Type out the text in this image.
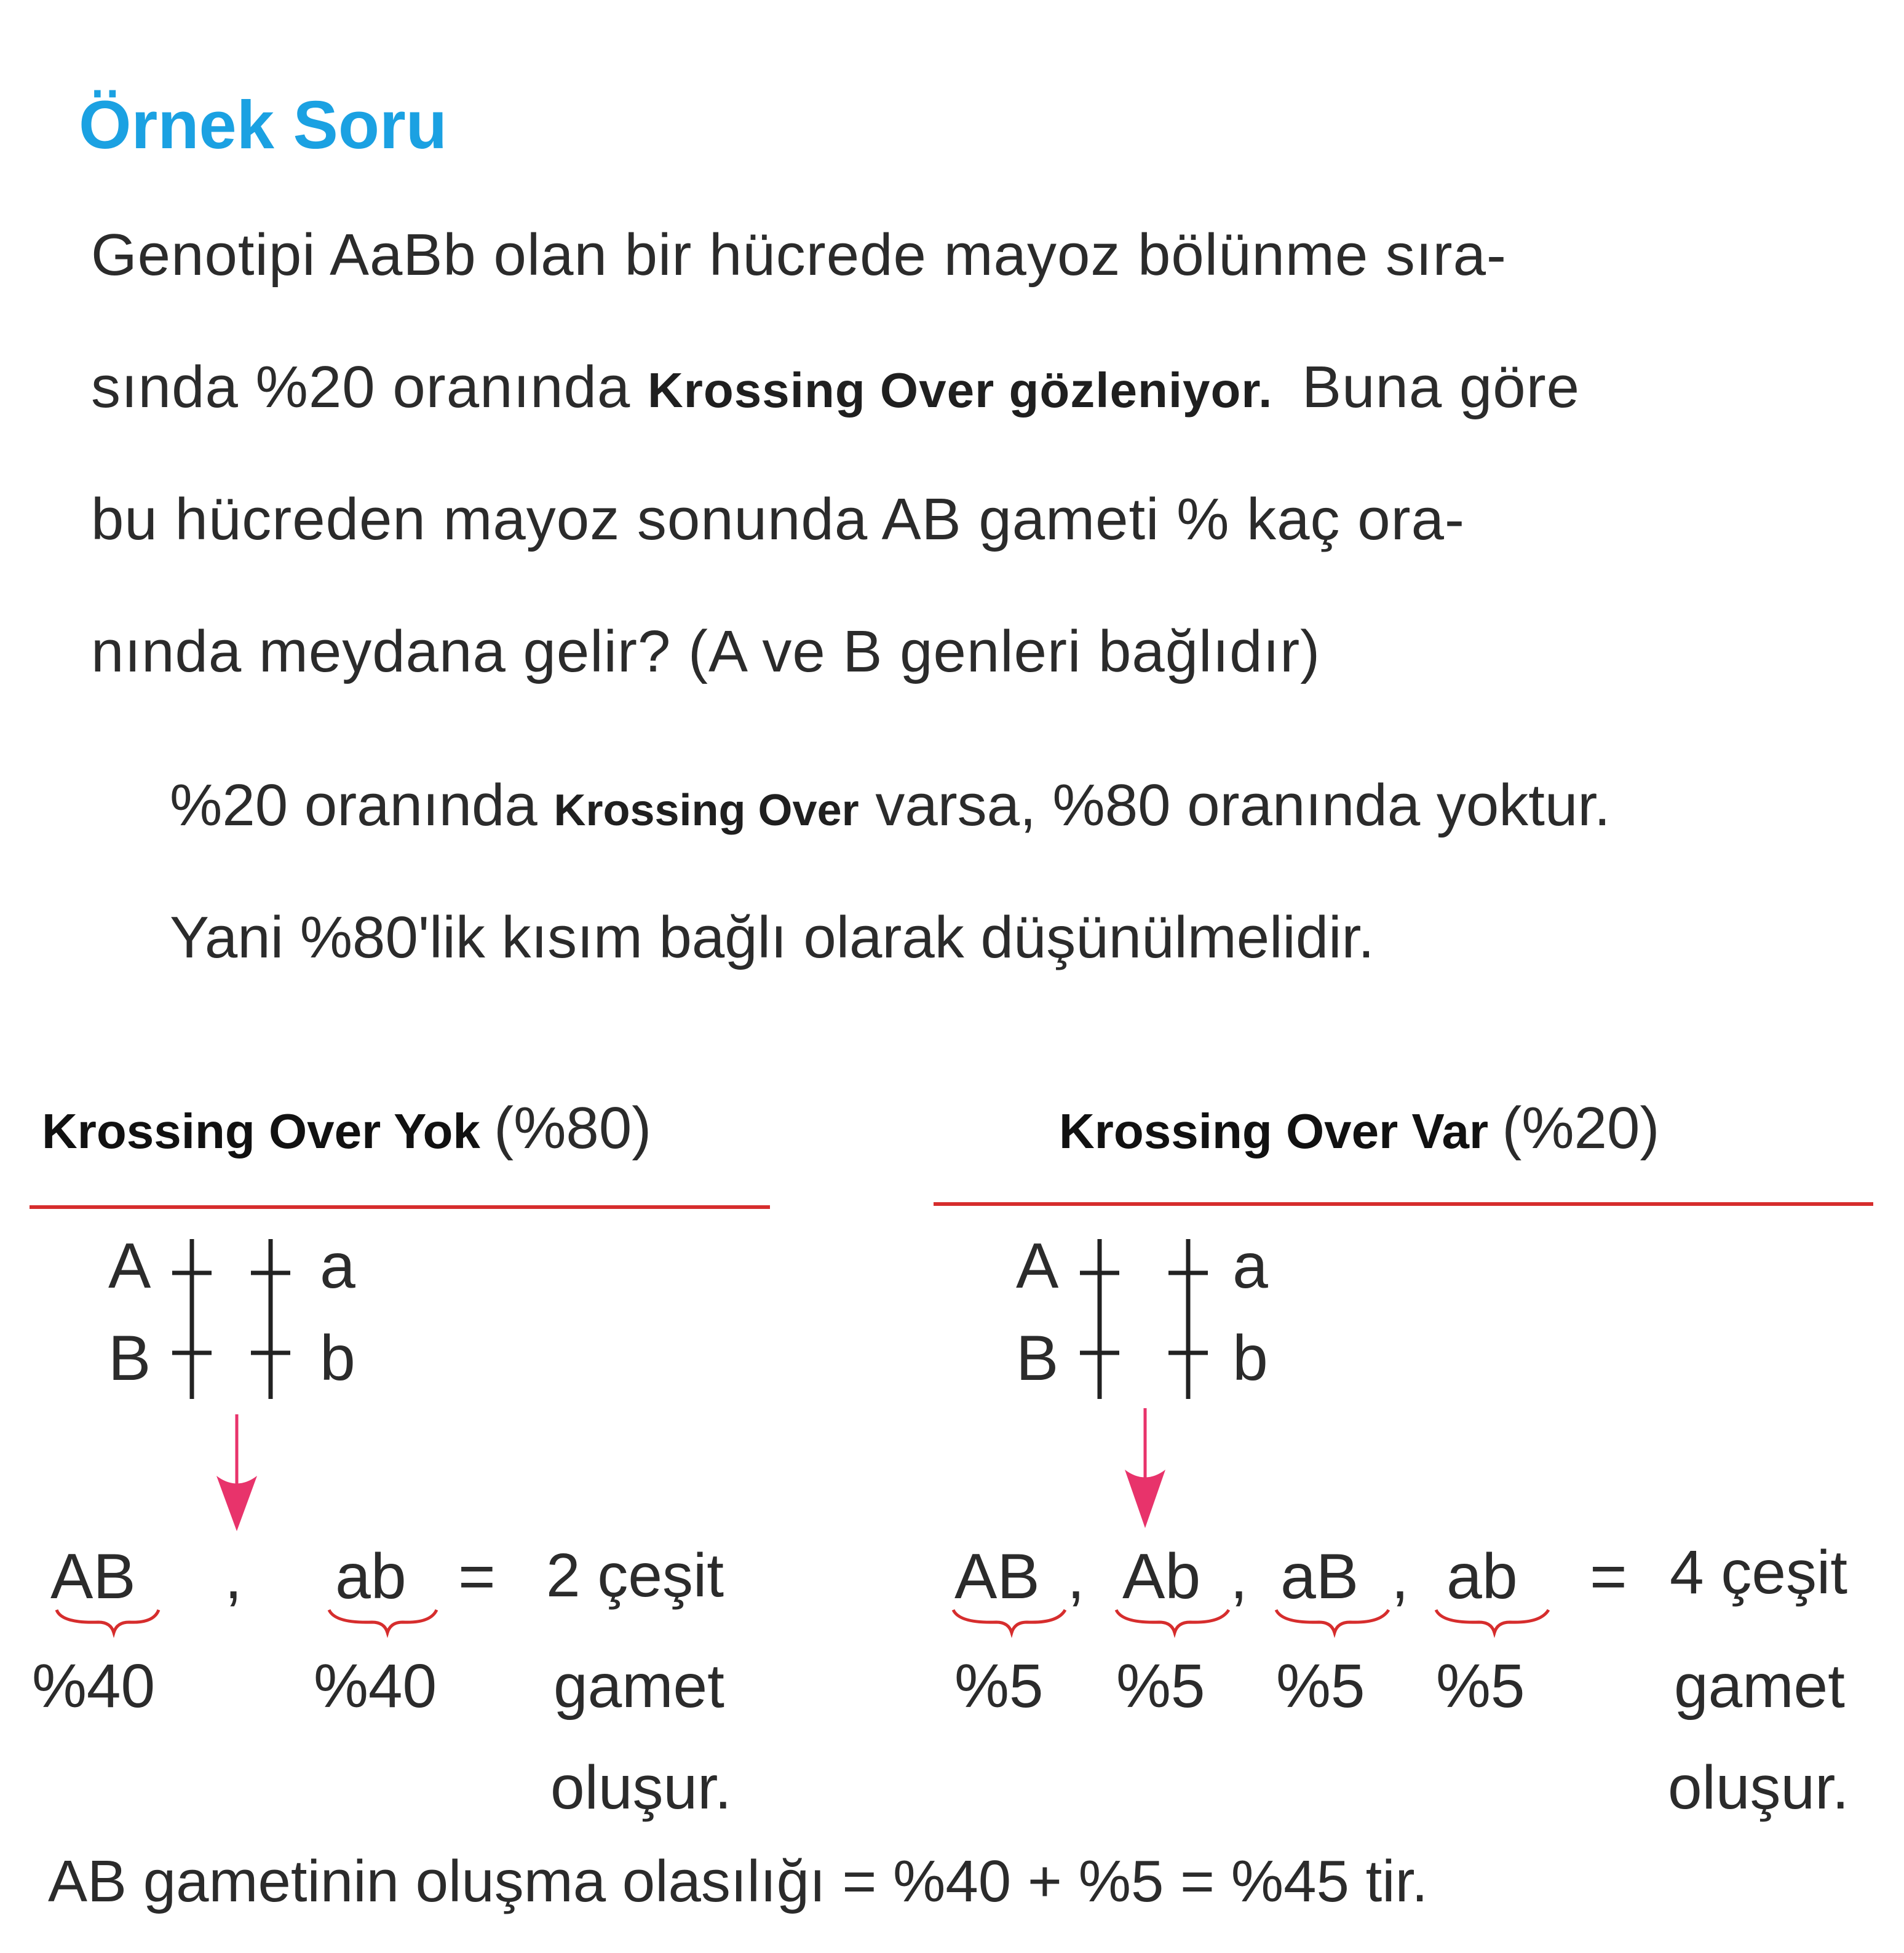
Örnek Soru
Genotipi AaBb olan bir hücrede mayoz bölünme sıra-
sında %20 oranında Krossing Over gözleniyor. Buna göre
bu hücreden mayoz sonunda AB gameti % kaç ora-
nında meydana gelir? (A ve B genleri bağlıdır)
%20 oranında Krossing Over varsa, %80 oranında yoktur.
Yani %80'lik kısım bağlı olarak düşünülmelidir.
Krossing Over Yok (%80)
A	a
B	b
AB , ab = 2 çeşit
%40	%40 gamet
oluşur.
Krossing Over Var (%20)
A	a
B	b
AB , Ab , aB , ab = 4 çeşit
%5 %5 %5 %5 gamet
oluşur.
AB gametinin oluşma olasılığı = %40 + %5 = %45 tir.
